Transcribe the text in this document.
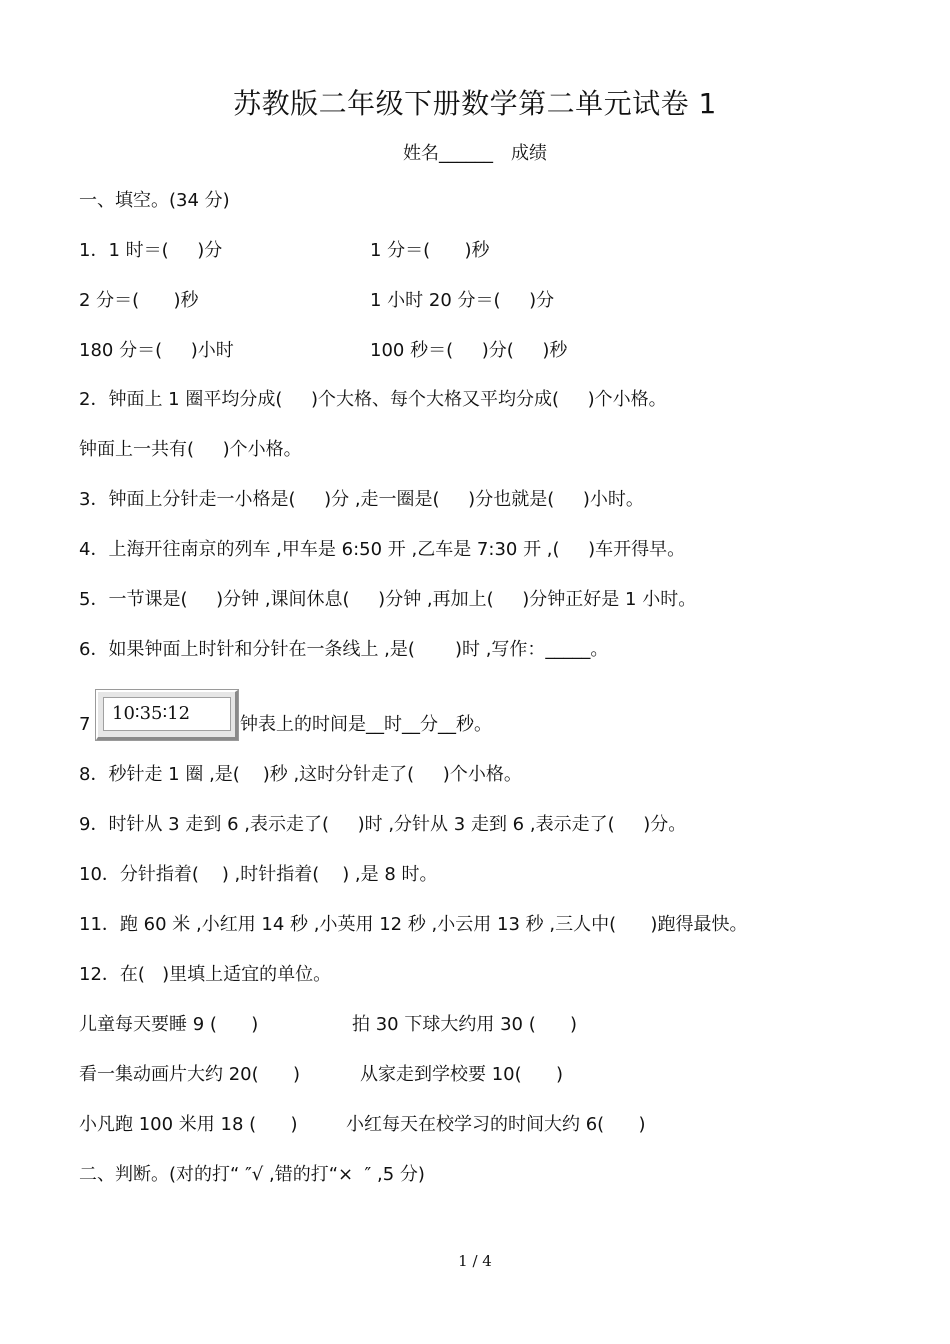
苏教版二年级下册数学第二单元试卷 1
姓名______ 成绩
一、填空。(34 分)
1．1 时＝(     )分	1 分＝(      )秒
2 分＝(      )秒	1 小时 20 分＝(     )分
180 分＝(     )小时	100 秒＝(     )分(     )秒
2．钟面上 1 圈平均分成(     )个大格、每个大格又平均分成(     )个小格。
钟面上一共有(     )个小格。
3．钟面上分针走一小格是(     )分 ,走一圈是(     )分也就是(     )小时。
4．上海开往南京的列车 ,甲车是 6:50 开 ,乙车是 7:30 开 ,(     )车开得早。
5．一节课是(     )分钟 ,课间休息(     )分钟 ,再加上(     )分钟正好是 1 小时。
6．如果钟面上时针和分针在一条线上 ,是(       )时 ,写作：_____。
7
10∶35∶12
钟表上的时间是__时__分__秒。
8．秒针走 1 圈 ,是(    )秒 ,这时分针走了(     )个小格。
9．时针从 3 走到 6 ,表示走了(     )时 ,分针从 3 走到 6 ,表示走了(     )分。
10．分针指着(    ) ,时针指着(    ) ,是 8 时。
11．跑 60 米 ,小红用 14 秒 ,小英用 12 秒 ,小云用 13 秒 ,三人中(      )跑得最快。
12．在(   )里填上适宜的单位。
儿童每天要睡 9 (      )	拍 30 下球大约用 30 (      )
看一集动画片大约 20(      )	从家走到学校要 10(      )
小凡跑 100 米用 18 (      )	小红每天在校学习的时间大约 6(      )
二、判断。(对的打“ ″√ ,错的打“×  ″ ,5 分)
1 / 4
